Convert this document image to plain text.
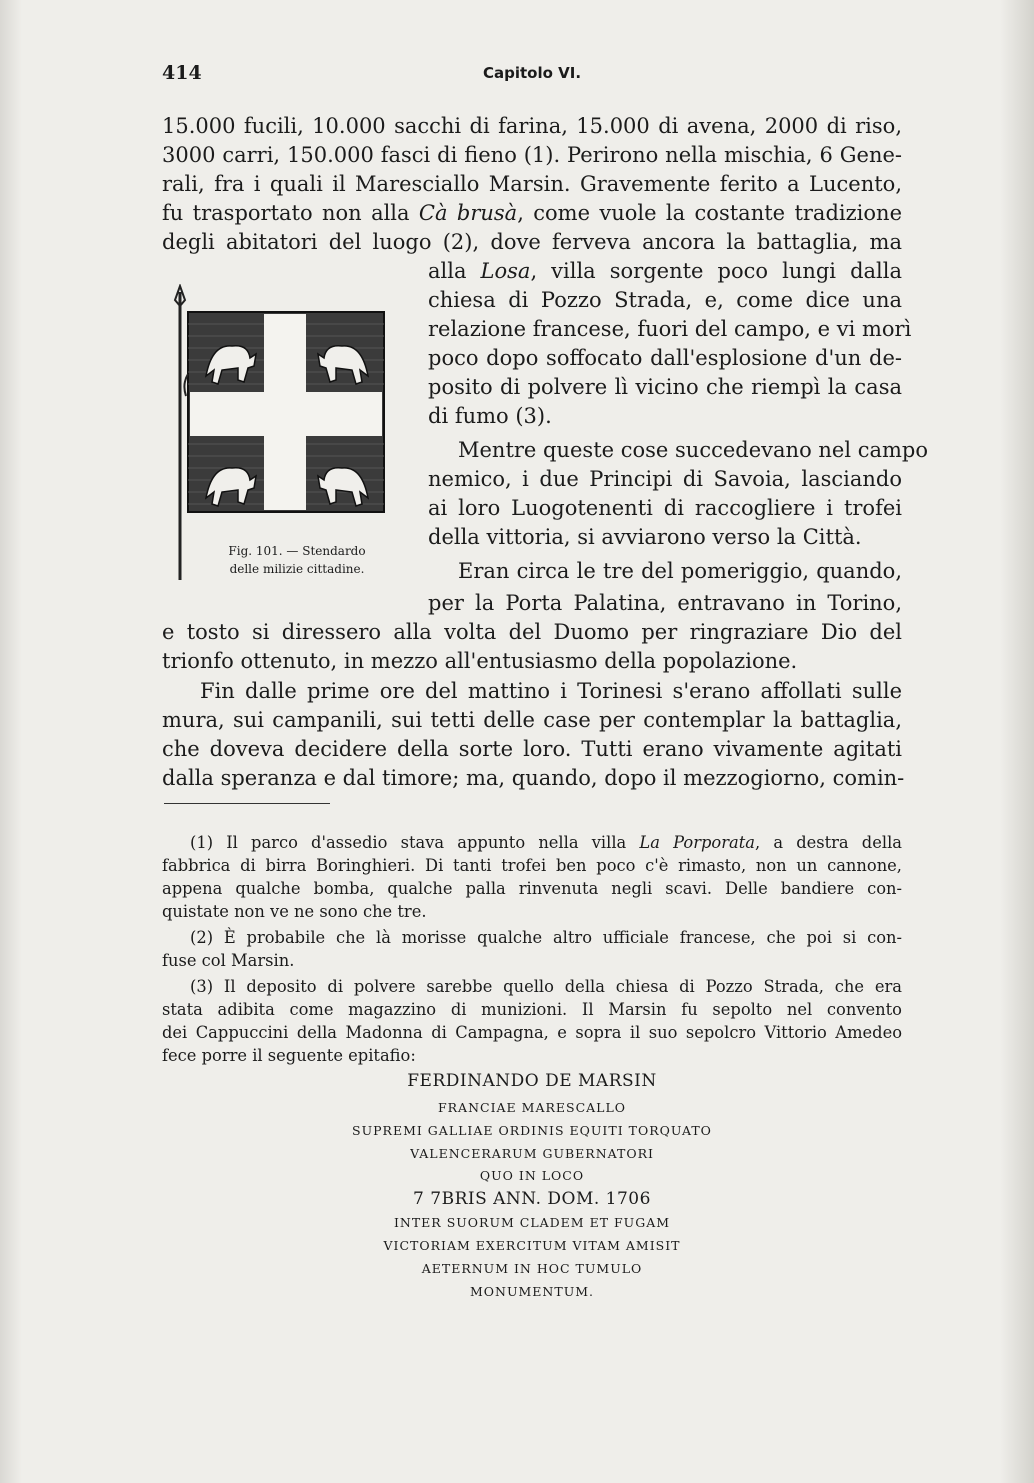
414	Capitolo VI.
15.000 fucili, 10.000 sacchi di farina, 15.000 di avena, 2000 di riso,
3000 carri, 150.000 fasci di fieno (1). Perirono nella mischia, 6 Gene-
rali, fra i quali il Maresciallo Marsin. Gravemente ferito a Lucento,
fu trasportato non alla Cà brusà, come vuole la costante tradizione
degli abitatori del luogo (2), dove ferveva ancora la battaglia, ma
alla Losa, villa sorgente poco lungi dalla
chiesa di Pozzo Strada, e, come dice una
relazione francese, fuori del campo, e vi morì
poco dopo soffocato dall'esplosione d'un de-
posito di polvere lì vicino che riempì la casa
di fumo (3).
Mentre queste cose succedevano nel campo
nemico, i due Principi di Savoia, lasciando
ai loro Luogotenenti di raccogliere i trofei
della vittoria, si avviarono verso la Città.
Eran circa le tre del pomeriggio, quando,
per la Porta Palatina, entravano in Torino,
Fig. 101. — Stendardo
delle milizie cittadine.
e tosto si diressero alla volta del Duomo per ringraziare Dio del
trionfo ottenuto, in mezzo all'entusiasmo della popolazione.
Fin dalle prime ore del mattino i Torinesi s'erano affollati sulle
mura, sui campanili, sui tetti delle case per contemplar la battaglia,
che doveva decidere della sorte loro. Tutti erano vivamente agitati
dalla speranza e dal timore; ma, quando, dopo il mezzogiorno, comin-
(1) Il parco d'assedio stava appunto nella villa La Porporata, a destra della
fabbrica di birra Boringhieri. Di tanti trofei ben poco c'è rimasto, non un cannone,
appena qualche bomba, qualche palla rinvenuta negli scavi. Delle bandiere con-
quistate non ve ne sono che tre.
(2) È probabile che là morisse qualche altro ufficiale francese, che poi si con-
fuse col Marsin.
(3) Il deposito di polvere sarebbe quello della chiesa di Pozzo Strada, che era
stata adibita come magazzino di munizioni. Il Marsin fu sepolto nel convento
dei Cappuccini della Madonna di Campagna, e sopra il suo sepolcro Vittorio Amedeo
fece porre il seguente epitafio:
FERDINANDO DE MARSIN
FRANCIAE MARESCALLO
SUPREMI GALLIAE ORDINIS EQUITI TORQUATO
VALENCERARUM GUBERNATORI
QUO IN LOCO
7 7BRIS ANN. DOM. 1706
INTER SUORUM CLADEM ET FUGAM
VICTORIAM EXERCITUM VITAM AMISIT
AETERNUM IN HOC TUMULO
MONUMENTUM.
